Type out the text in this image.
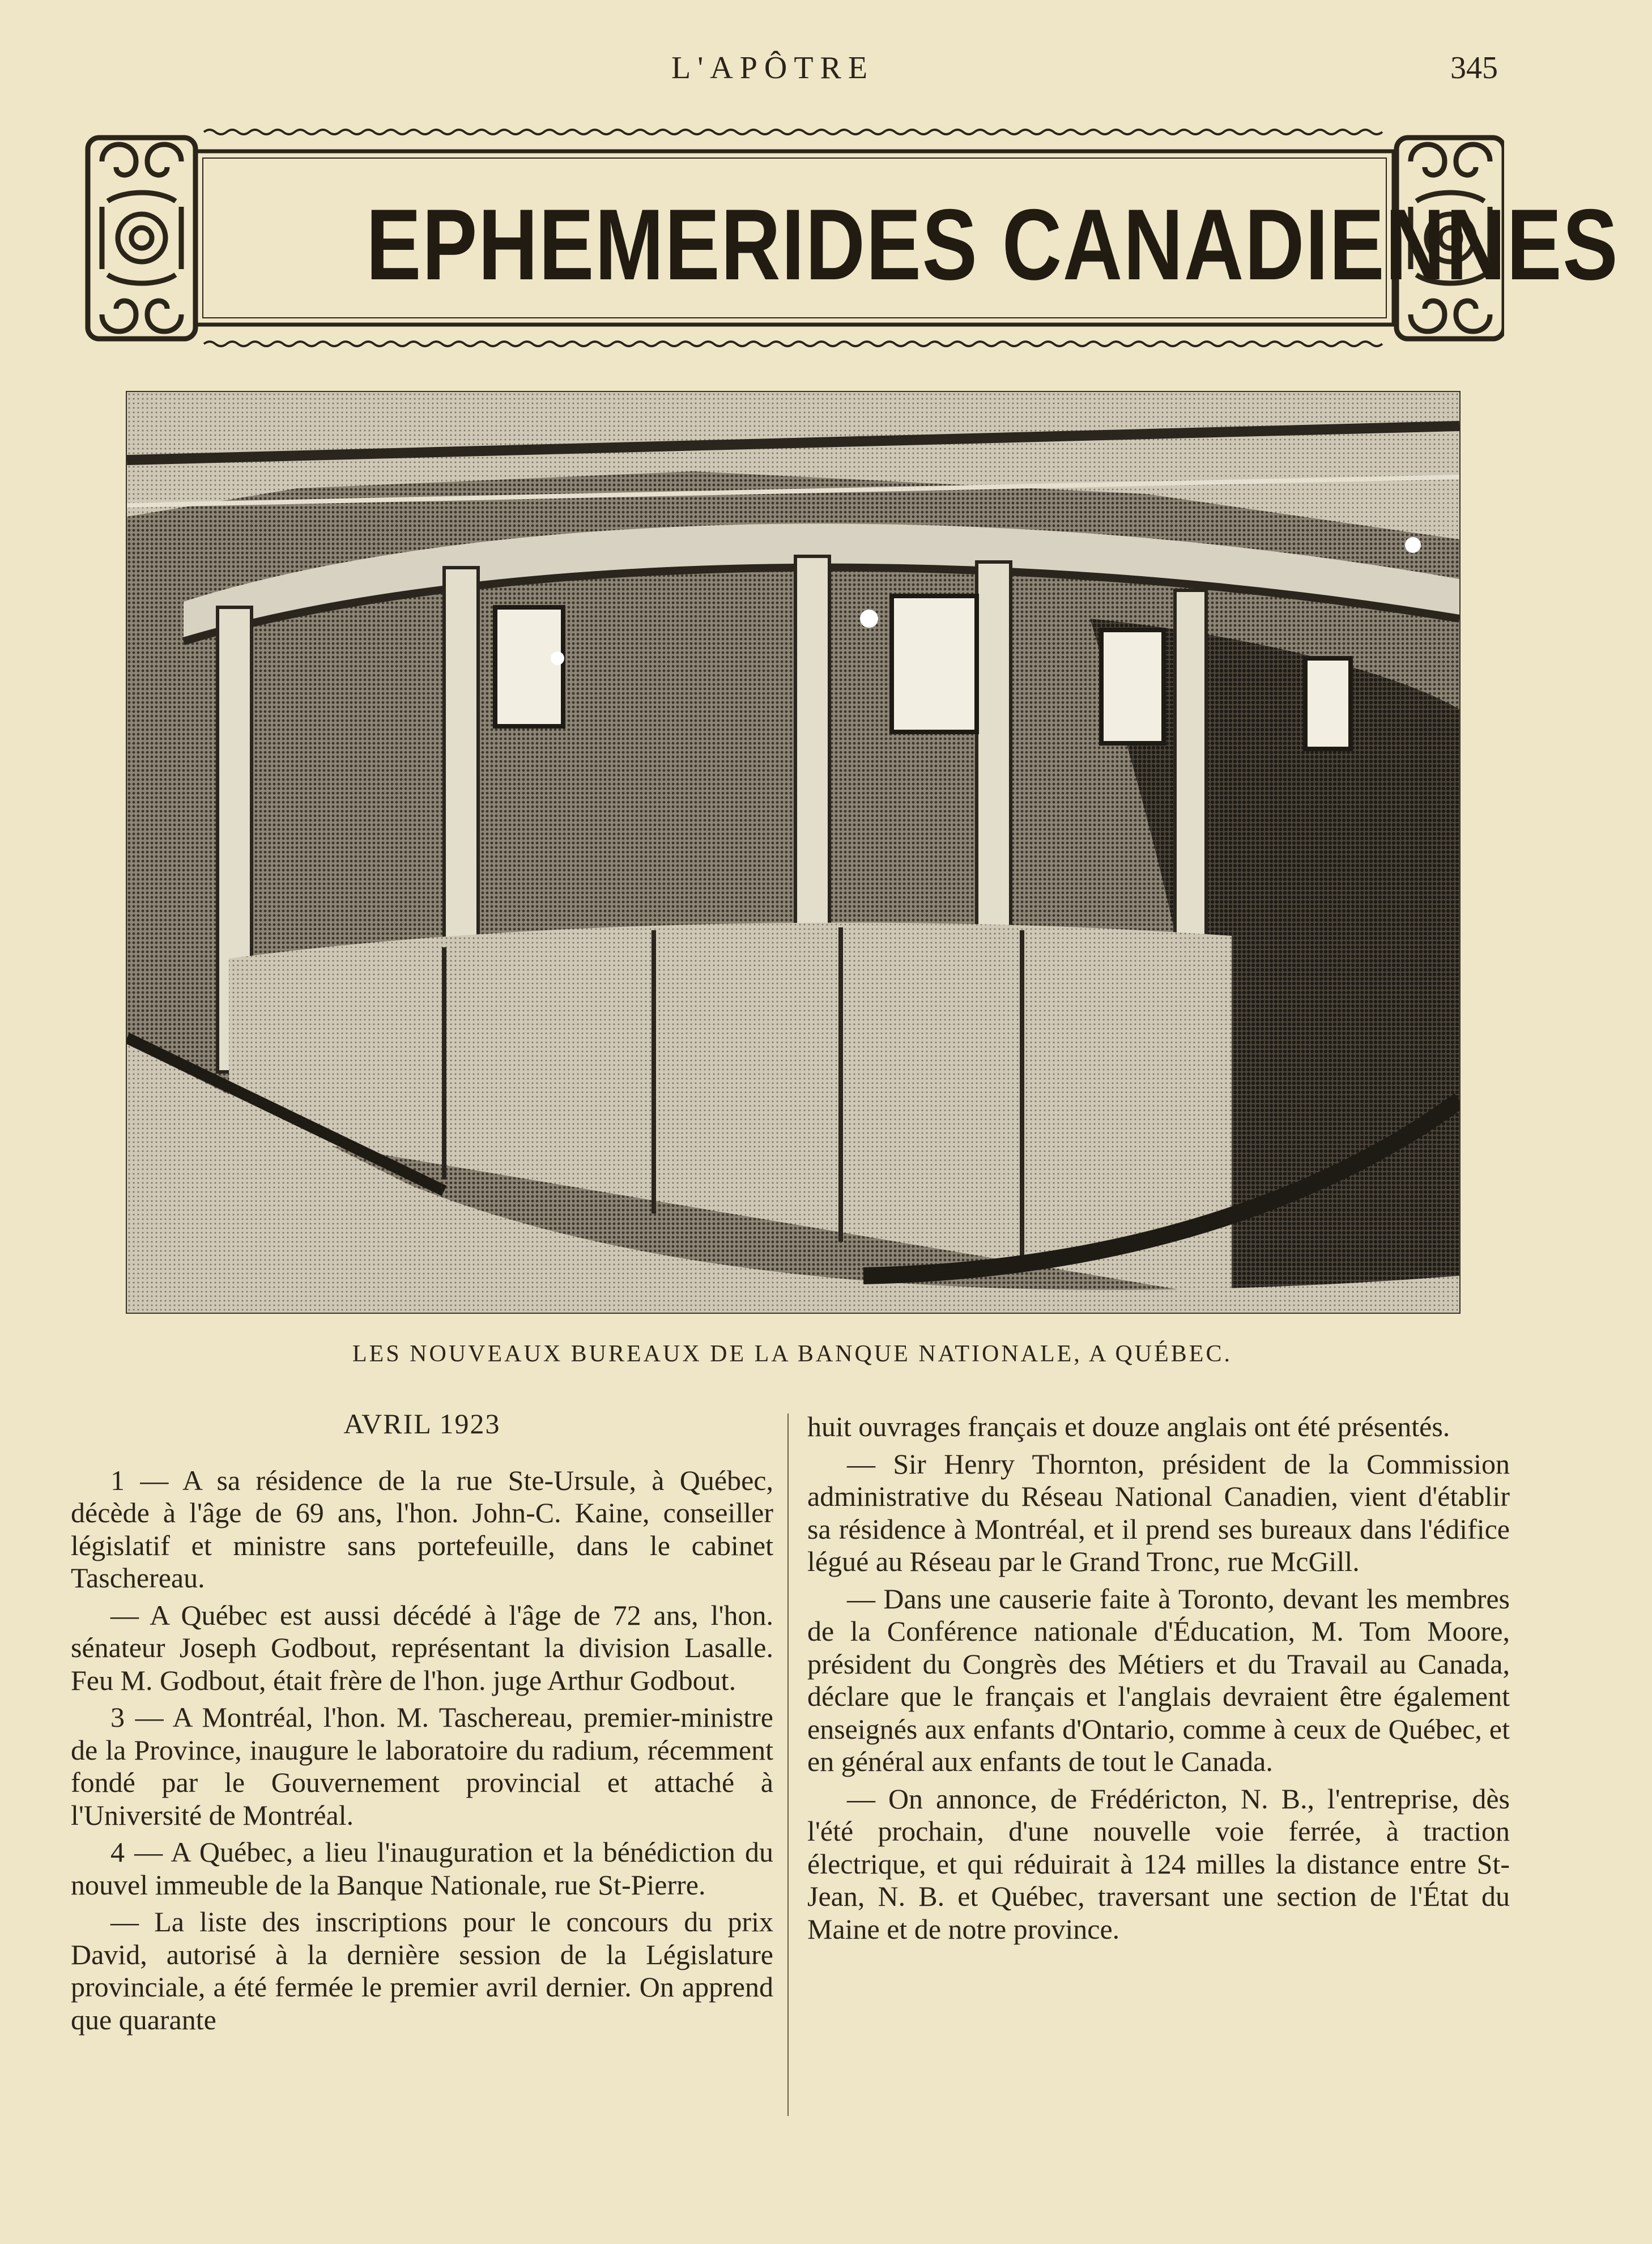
L'APÔTRE	345
EPHEMERIDES CANADIENNES
LES NOUVEAUX BUREAUX DE LA BANQUE NATIONALE, A QUÉBEC.

AVRIL 1923

1 — A sa résidence de la rue Ste-Ursule, à Québec, décède à l'âge de 69 ans, l'hon. John-C. Kaine, conseiller législatif et ministre sans portefeuille, dans le cabinet Taschereau.

— A Québec est aussi décédé à l'âge de 72 ans, l'hon. sénateur Joseph Godbout, représentant la division Lasalle. Feu M. Godbout, était frère de l'hon. juge Arthur Godbout.

3 — A Montréal, l'hon. M. Taschereau, premier-ministre de la Province, inaugure le laboratoire du radium, récemment fondé par le Gouvernement provincial et attaché à l'Université de Montréal.

4 — A Québec, a lieu l'inauguration et la bénédiction du nouvel immeuble de la Banque Nationale, rue St-Pierre.

— La liste des inscriptions pour le concours du prix David, autorisé à la dernière session de la Législature provinciale, a été fermée le premier avril dernier. On apprend que quarante

huit ouvrages français et douze anglais ont été présentés.

— Sir Henry Thornton, président de la Commission administrative du Réseau National Canadien, vient d'établir sa résidence à Montréal, et il prend ses bureaux dans l'édifice légué au Réseau par le Grand Tronc, rue McGill.

— Dans une causerie faite à Toronto, devant les membres de la Conférence nationale d'Éducation, M. Tom Moore, président du Congrès des Métiers et du Travail au Canada, déclare que le français et l'anglais devraient être également enseignés aux enfants d'Ontario, comme à ceux de Québec, et en général aux enfants de tout le Canada.

— On annonce, de Frédéricton, N. B., l'entreprise, dès l'été prochain, d'une nouvelle voie ferrée, à traction électrique, et qui réduirait à 124 milles la distance entre St-Jean, N. B. et Québec, traversant une section de l'État du Maine et de notre province.
